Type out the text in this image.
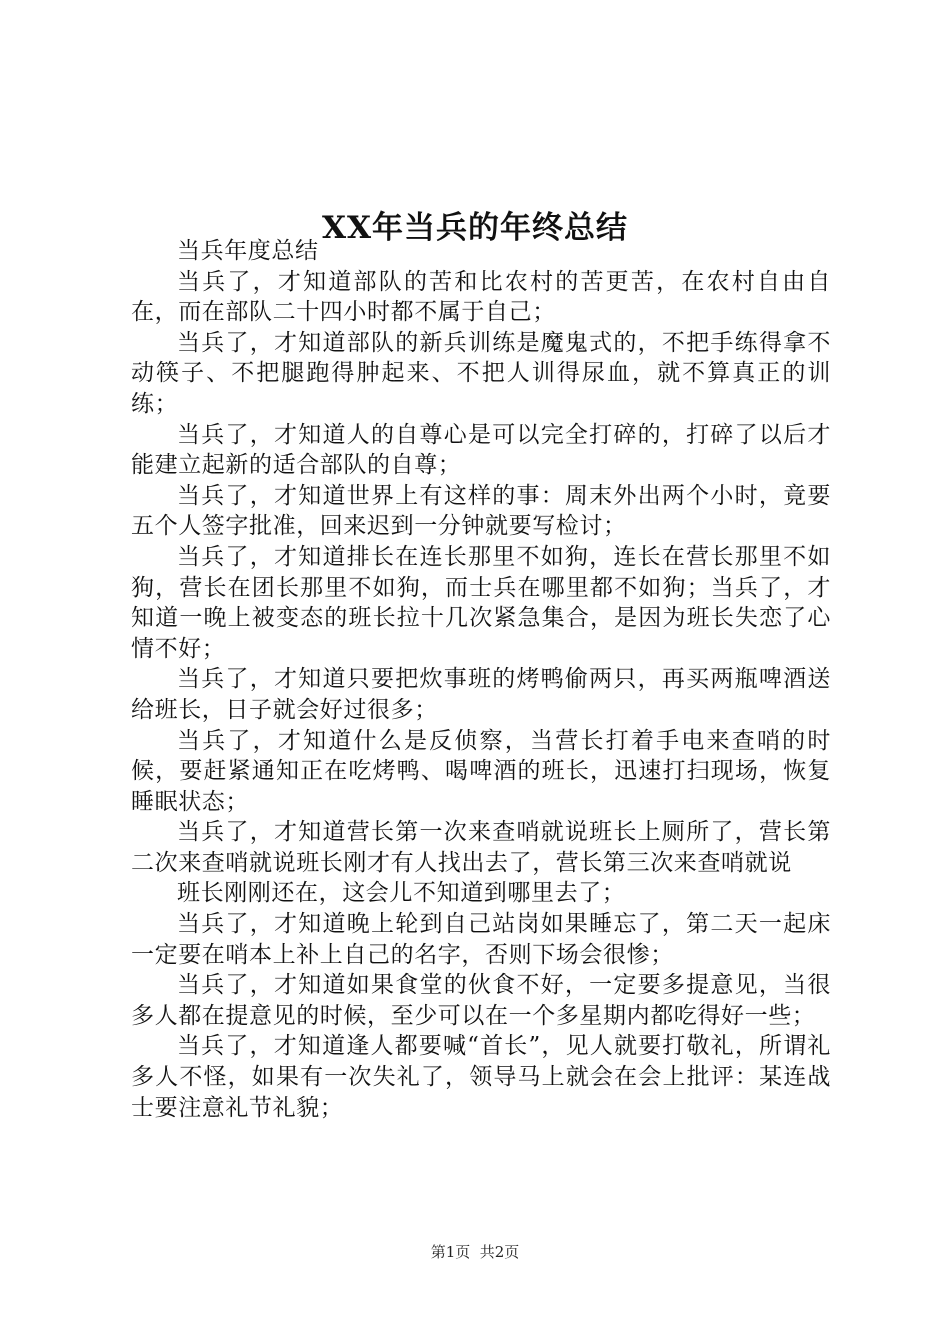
XX年当兵的年终总结

当兵年度总结

当兵了，才知道部队的苦和比农村的苦更苦，在农村自由自在，而在部队二十四小时都不属于自己；

当兵了，才知道部队的新兵训练是魔鬼式的，不把手练得拿不动筷子、不把腿跑得肿起来、不把人训得尿血，就不算真正的训练；

当兵了，才知道人的自尊心是可以完全打碎的，打碎了以后才能建立起新的适合部队的自尊；

当兵了，才知道世界上有这样的事：周末外出两个小时，竟要五个人签字批准，回来迟到一分钟就要写检讨；

当兵了，才知道排长在连长那里不如狗，连长在营长那里不如狗，营长在团长那里不如狗，而士兵在哪里都不如狗；当兵了，才知道一晚上被变态的班长拉十几次紧急集合，是因为班长失恋了心情不好；

当兵了，才知道只要把炊事班的烤鸭偷两只，再买两瓶啤酒送给班长，日子就会好过很多；

当兵了，才知道什么是反侦察，当营长打着手电来查哨的时候，要赶紧通知正在吃烤鸭、喝啤酒的班长，迅速打扫现场，恢复睡眠状态；

当兵了，才知道营长第一次来查哨就说班长上厕所了，营长第二次来查哨就说班长刚才有人找出去了，营长第三次来查哨就说

班长刚刚还在，这会儿不知道到哪里去了；

当兵了，才知道晚上轮到自己站岗如果睡忘了，第二天一起床一定要在哨本上补上自己的名字，否则下场会很惨；

当兵了，才知道如果食堂的伙食不好，一定要多提意见，当很多人都在提意见的时候，至少可以在一个多星期内都吃得好一些；

当兵了，才知道逢人都要喊“首长”，见人就要打敬礼，所谓礼多人不怪，如果有一次失礼了，领导马上就会在会上批评：某连战士要注意礼节礼貌；

第1页  共2页
